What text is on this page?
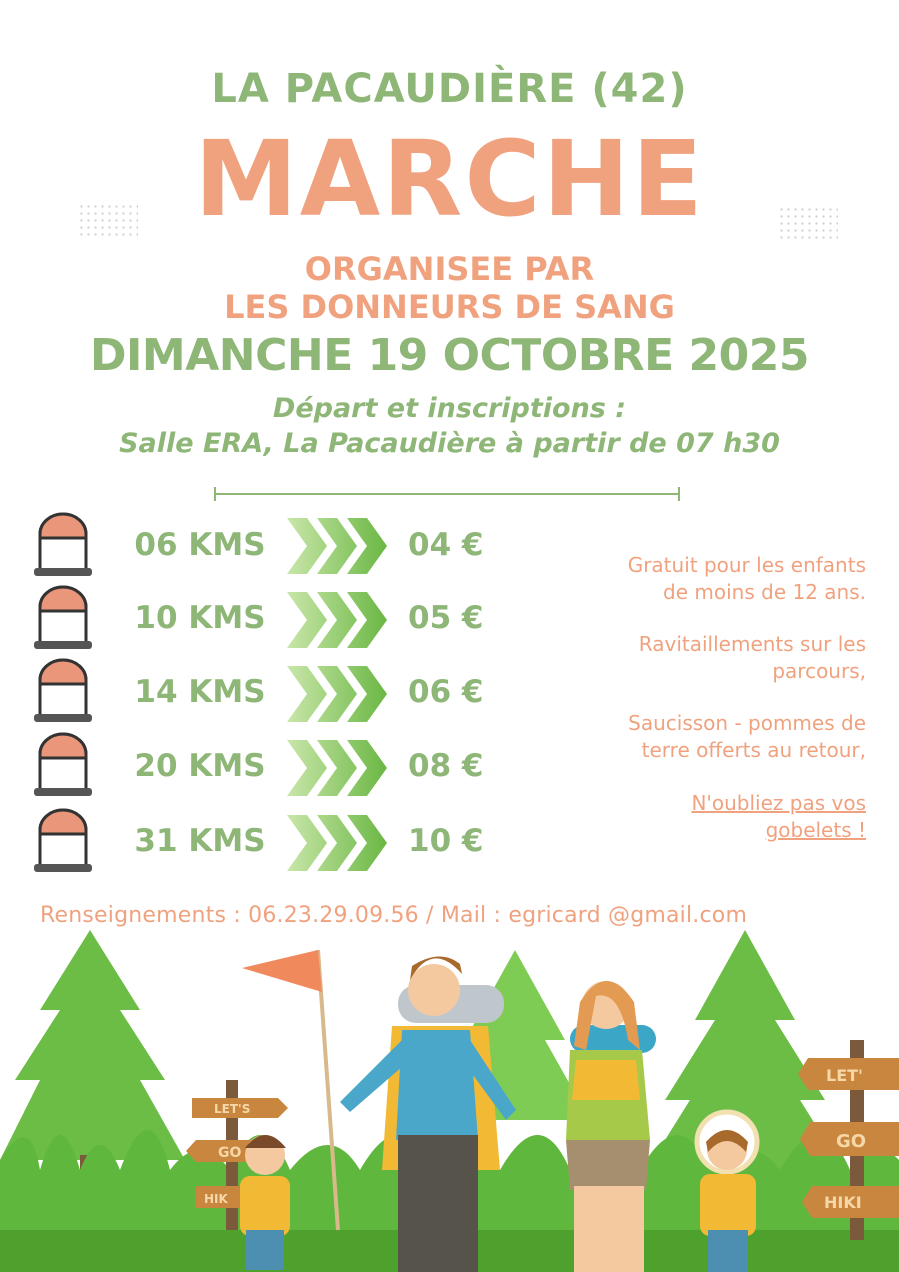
LA PACAUDIÈRE (42)
MARCHE
ORGANISEE PAR
LES DONNEURS DE SANG
DIMANCHE 19 OCTOBRE 2025
Départ et inscriptions :
Salle ERA, La Pacaudière à partir de 07 h30
06 KMS	04 €
10 KMS	05 €
14 KMS	06 €
20 KMS	08 €
31 KMS	10 €
Gratuit pour les enfants
de moins de 12 ans.
Ravitaillements sur les
parcours,
Saucisson - pommes de
terre offerts au retour,
N'oubliez pas vos
gobelets !
Renseignements : 06.23.29.09.56 / Mail : egricard @gmail.com
LET'S
GO
HIK
LET'
GO
HIKI
